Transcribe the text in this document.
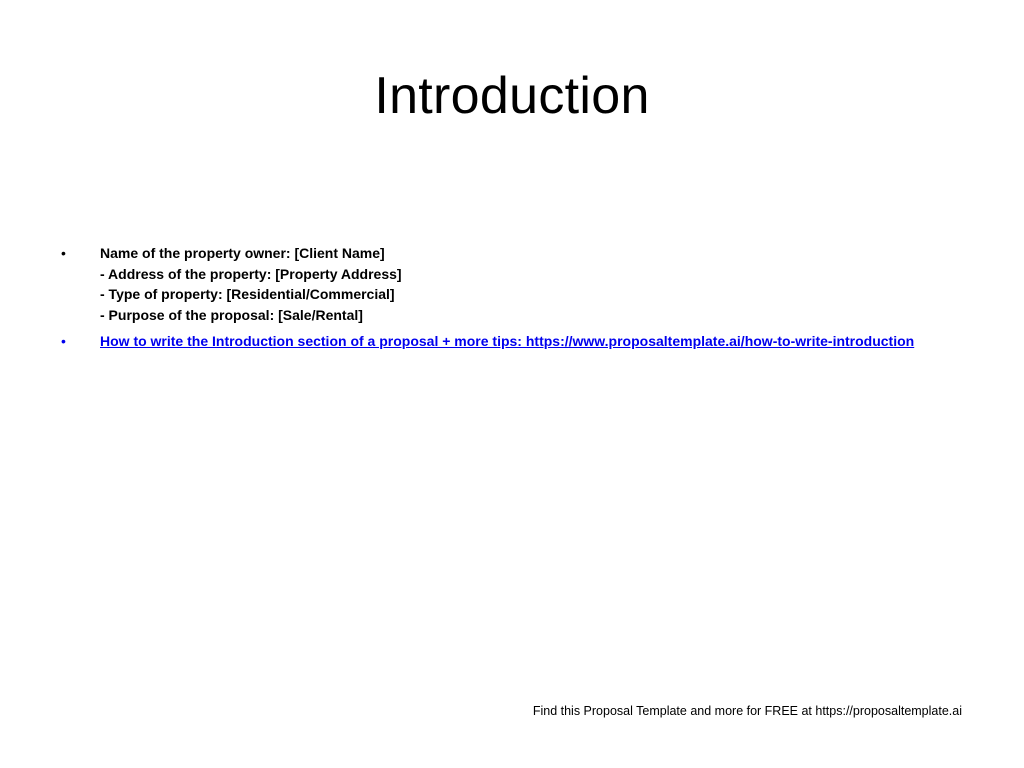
Introduction
• Name of the property owner: [Client Name]
- Address of the property: [Property Address]
- Type of property: [Residential/Commercial]
- Purpose of the proposal: [Sale/Rental]
• How to write the Introduction section of a proposal + more tips: https://www.proposaltemplate.ai/how-to-write-introduction
Find this Proposal Template and more for FREE at https://proposaltemplate.ai
